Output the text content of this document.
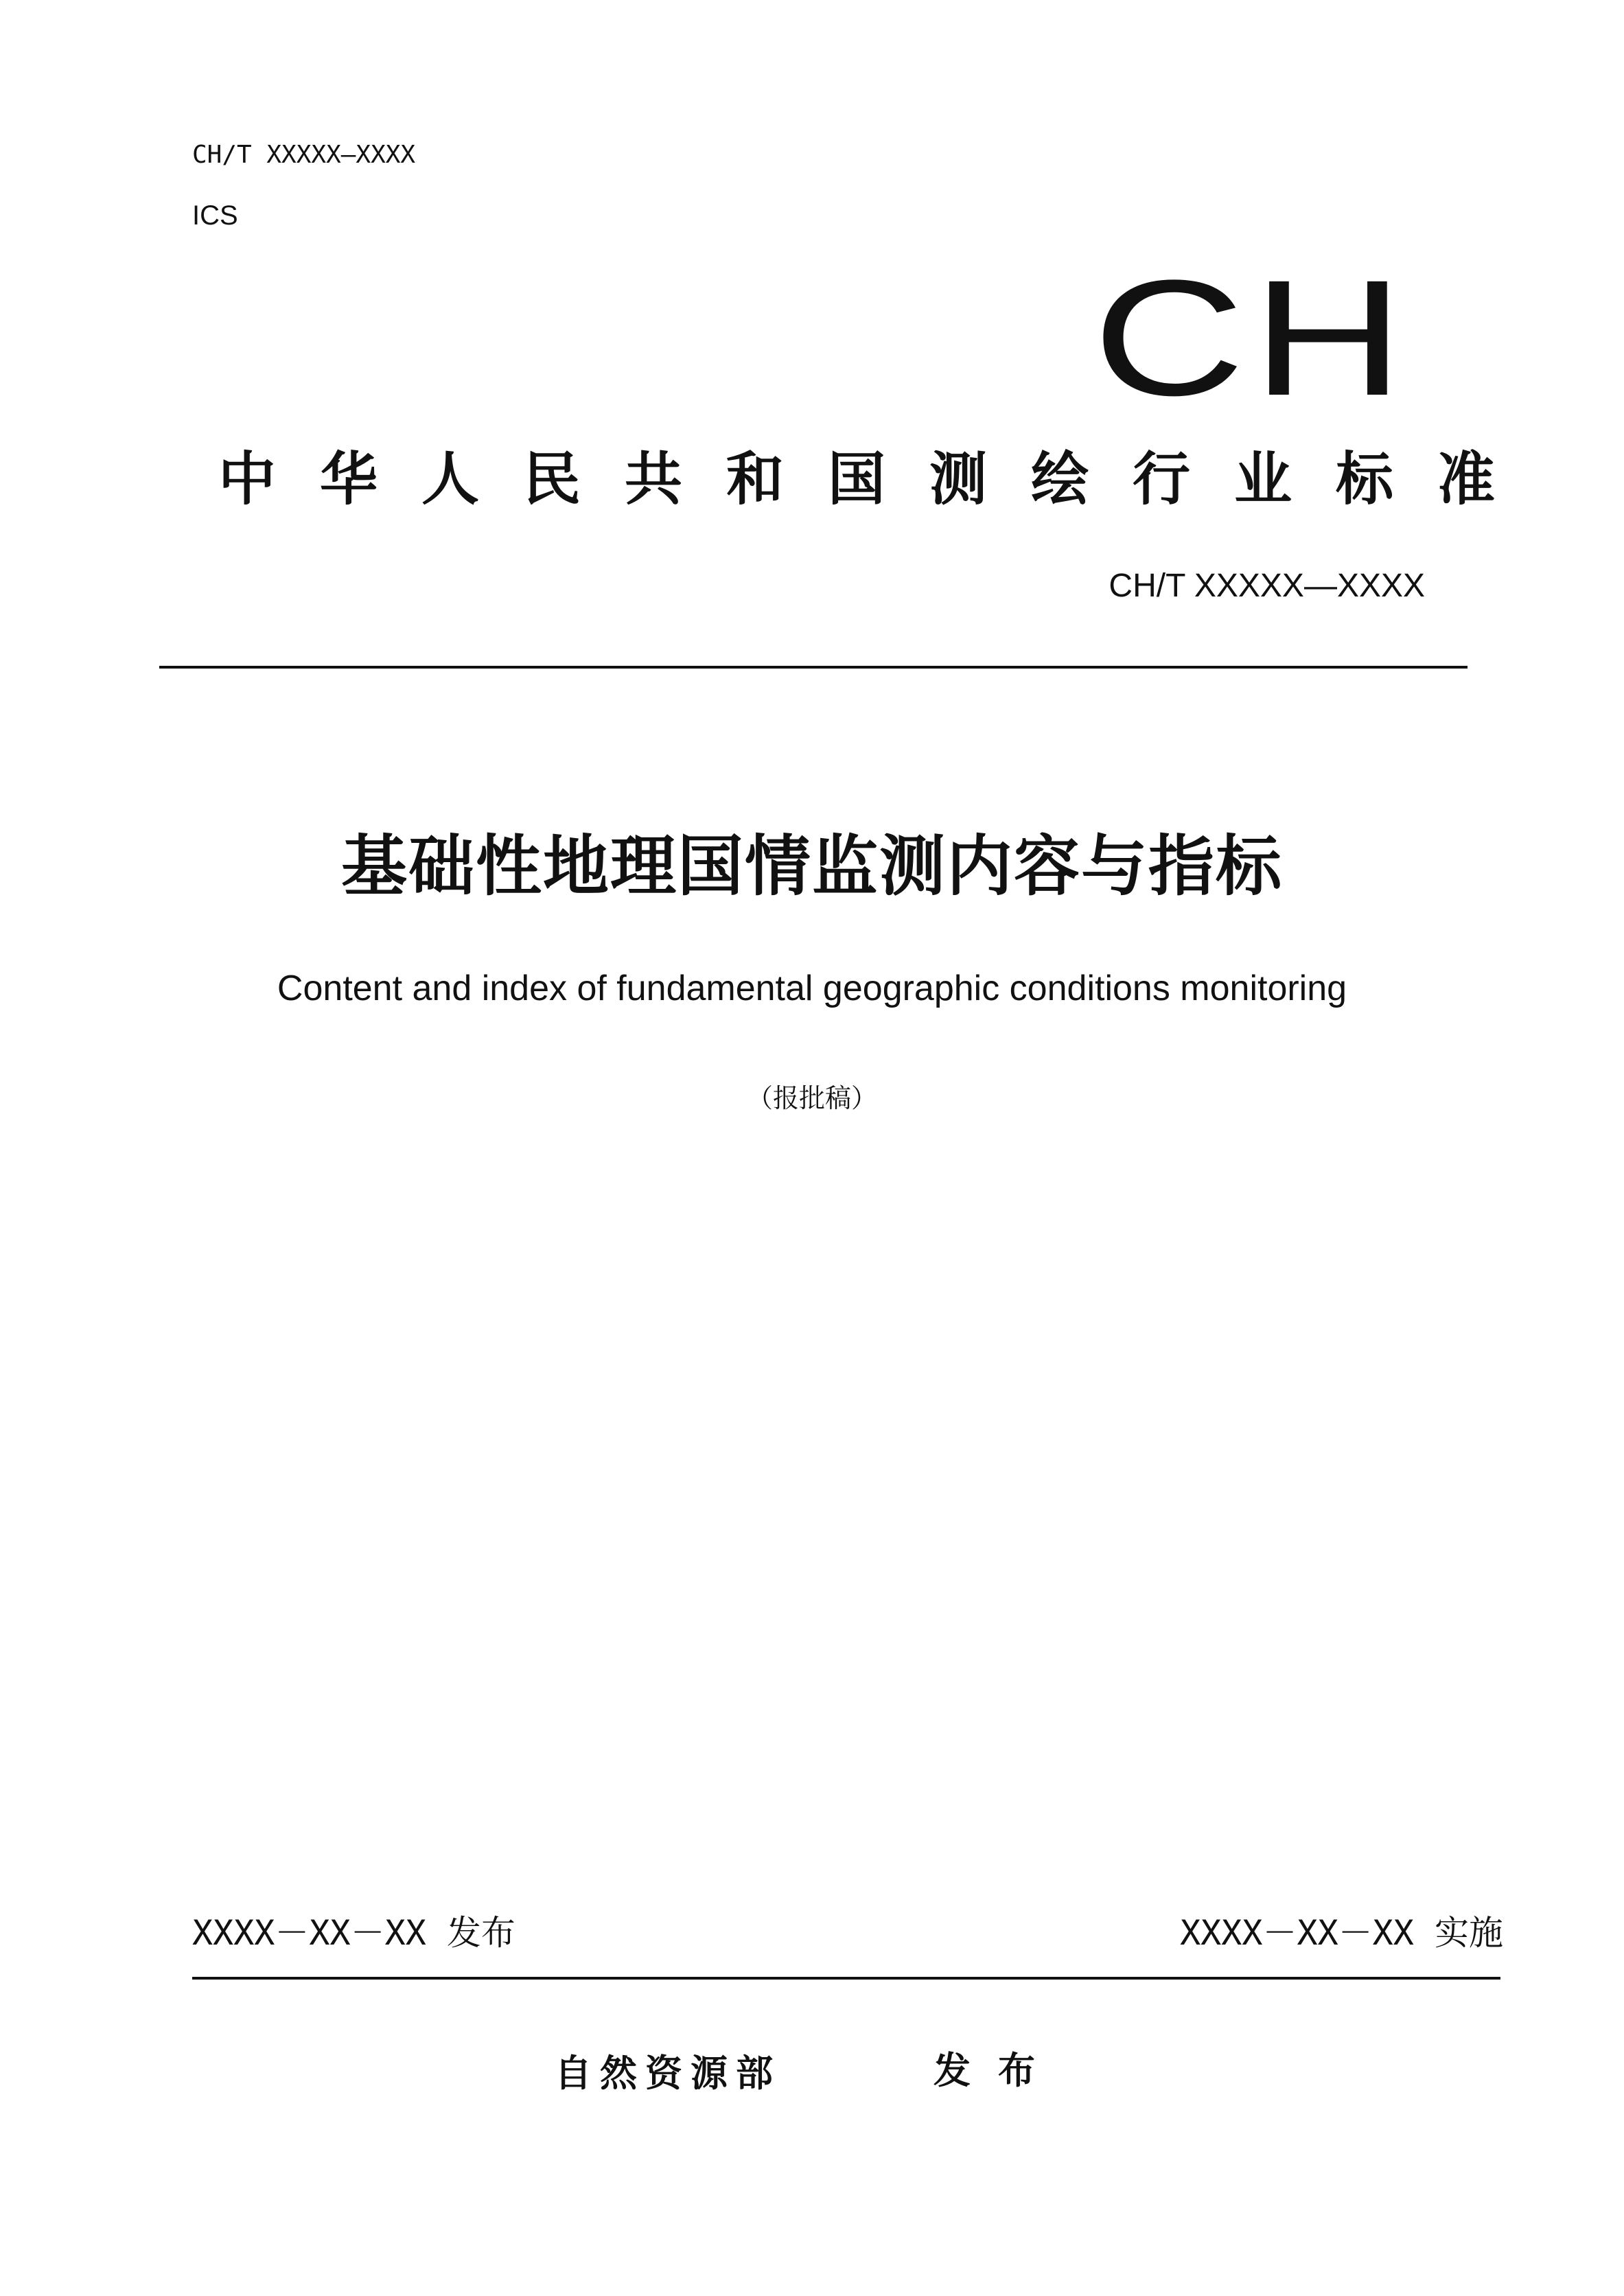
CH/T XXXXX—XXXX
ICS
CH
中华人民共和国测绘行业标准
CH/T XXXXX—XXXX
基础性地理国情监测内容与指标
Content and index of fundamental geographic conditions monitoring
（报批稿）
XXXX－XX－XX 发布	XXXX－XX－XX 实施
自然资源部	发布
